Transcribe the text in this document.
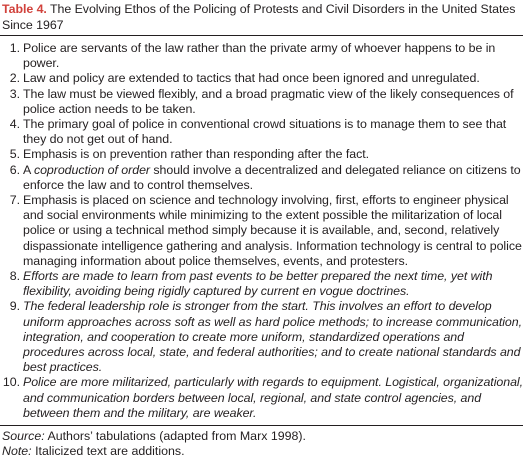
Table 4. The Evolving Ethos of the Policing of Protests and Civil Disorders in the United States Since 1967

1. Police are servants of the law rather than the private army of whoever happens to be in power.
2. Law and policy are extended to tactics that had once been ignored and unregulated.
3. The law must be viewed flexibly, and a broad pragmatic view of the likely consequences of police action needs to be taken.
4. The primary goal of police in conventional crowd situations is to manage them to see that they do not get out of hand.
5. Emphasis is on prevention rather than responding after the fact.
6. A coproduction of order should involve a decentralized and delegated reliance on citizens to enforce the law and to control themselves.
7. Emphasis is placed on science and technology involving, first, efforts to engineer physical and social environments while minimizing to the extent possible the militarization of local police or using a technical method simply because it is available, and, second, relatively dispassionate intelligence gathering and analysis. Information technology is central to police managing information about police themselves, events, and protesters.
8. Efforts are made to learn from past events to be better prepared the next time, yet with flexibility, avoiding being rigidly captured by current en vogue doctrines.
9. The federal leadership role is stronger from the start. This involves an effort to develop uniform approaches across soft as well as hard police methods; to increase communication, integration, and cooperation to create more uniform, standardized operations and procedures across local, state, and federal authorities; and to create national standards and best practices.
10. Police are more militarized, particularly with regards to equipment. Logistical, organizational, and communication borders between local, regional, and state control agencies, and between them and the military, are weaker.
Source: Authors’ tabulations (adapted from Marx 1998).
Note: Italicized text are additions.
